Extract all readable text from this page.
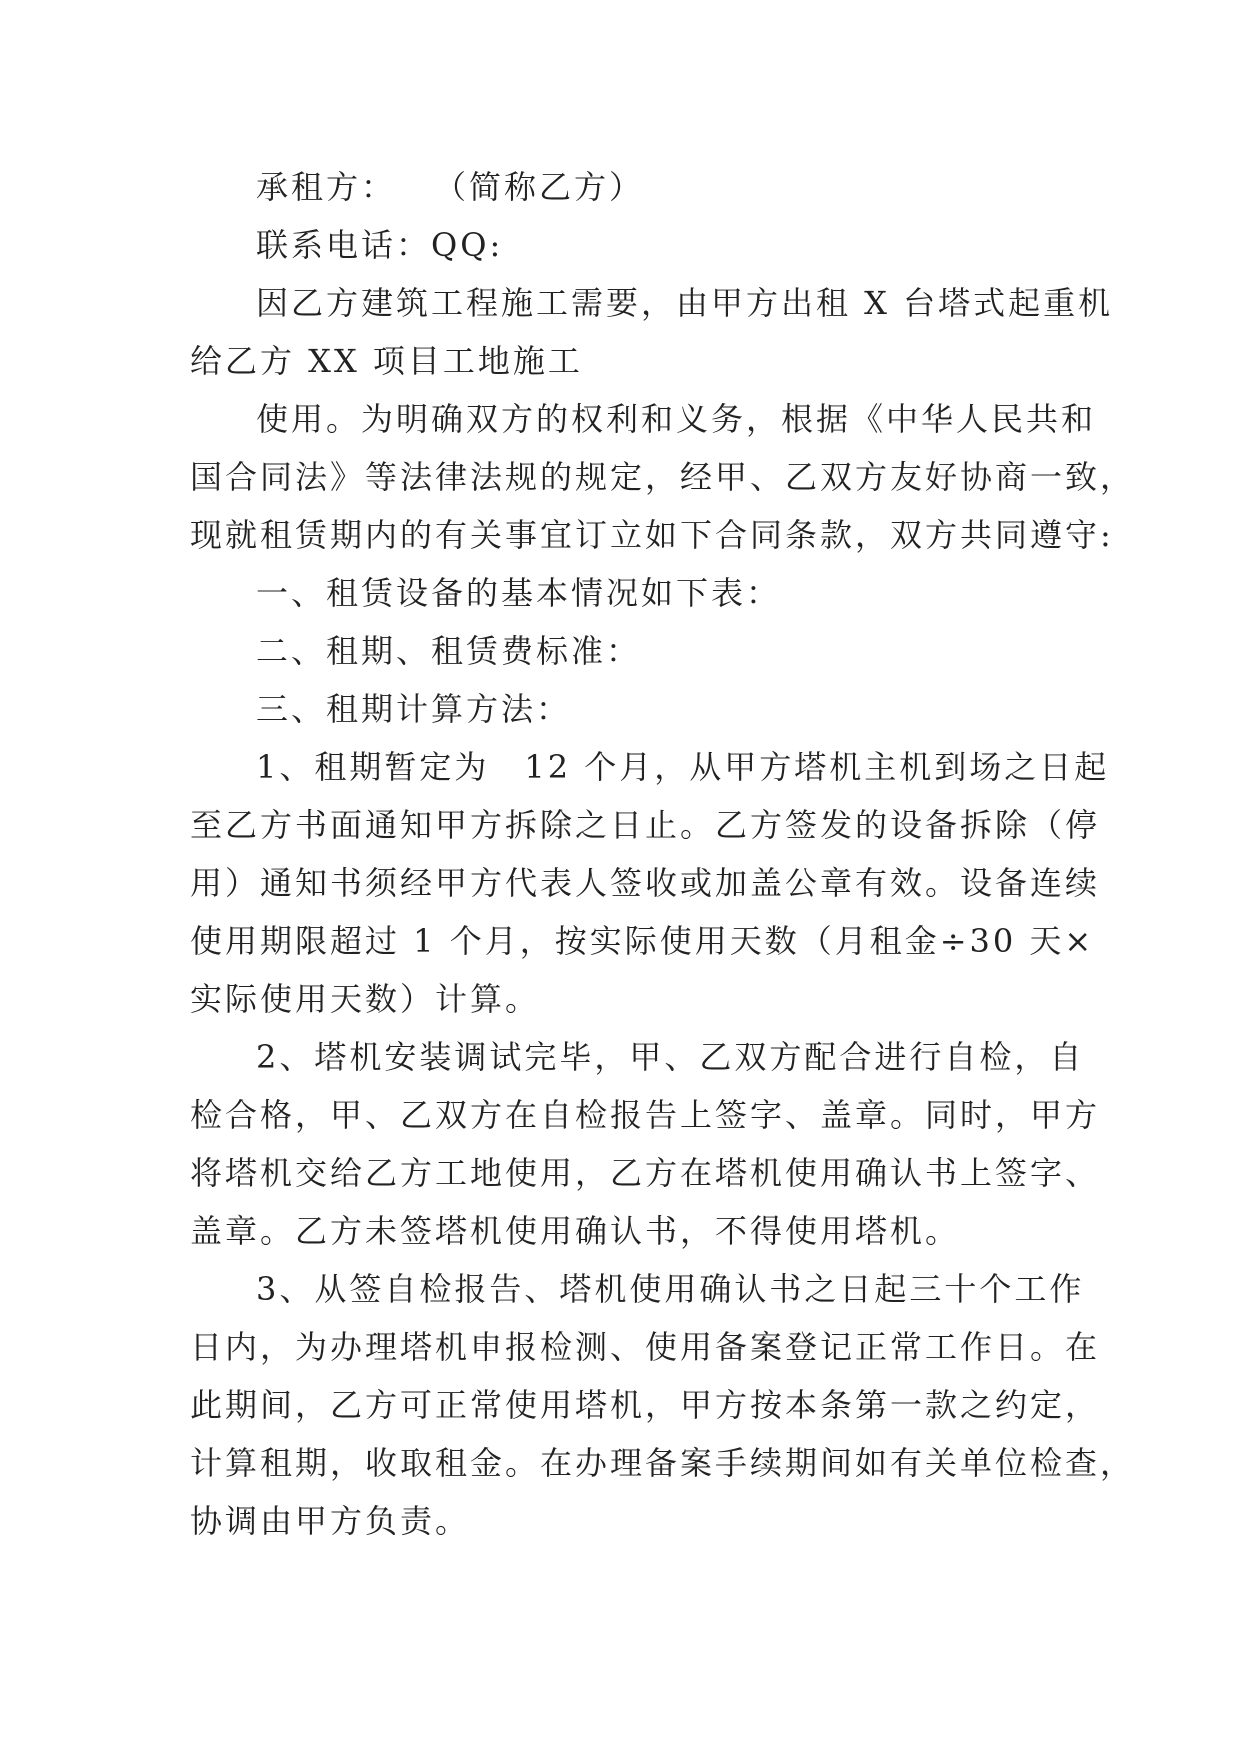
承租方：　　（简称乙方）
联系电话：QQ:
因乙方建筑工程施工需要，由甲方出租 X 台塔式起重机
给乙方 XX 项目工地施工
使用。为明确双方的权利和义务，根据《中华人民共和
国合同法》等法律法规的规定，经甲、乙双方友好协商一致，
现就租赁期内的有关事宜订立如下合同条款，双方共同遵守:
一、租赁设备的基本情况如下表：
二、租期、租赁费标准：
三、租期计算方法：
1、租期暂定为　12 个月，从甲方塔机主机到场之日起
至乙方书面通知甲方拆除之日止。乙方签发的设备拆除（停
用）通知书须经甲方代表人签收或加盖公章有效。设备连续
使用期限超过 1 个月，按实际使用天数（月租金÷30 天×
实际使用天数）计算。
2、塔机安装调试完毕，甲、乙双方配合进行自检，自
检合格，甲、乙双方在自检报告上签字、盖章。同时，甲方
将塔机交给乙方工地使用，乙方在塔机使用确认书上签字、
盖章。乙方未签塔机使用确认书，不得使用塔机。
3、从签自检报告、塔机使用确认书之日起三十个工作
日内，为办理塔机申报检测、使用备案登记正常工作日。在
此期间，乙方可正常使用塔机，甲方按本条第一款之约定，
计算租期，收取租金。在办理备案手续期间如有关单位检查，
协调由甲方负责。
